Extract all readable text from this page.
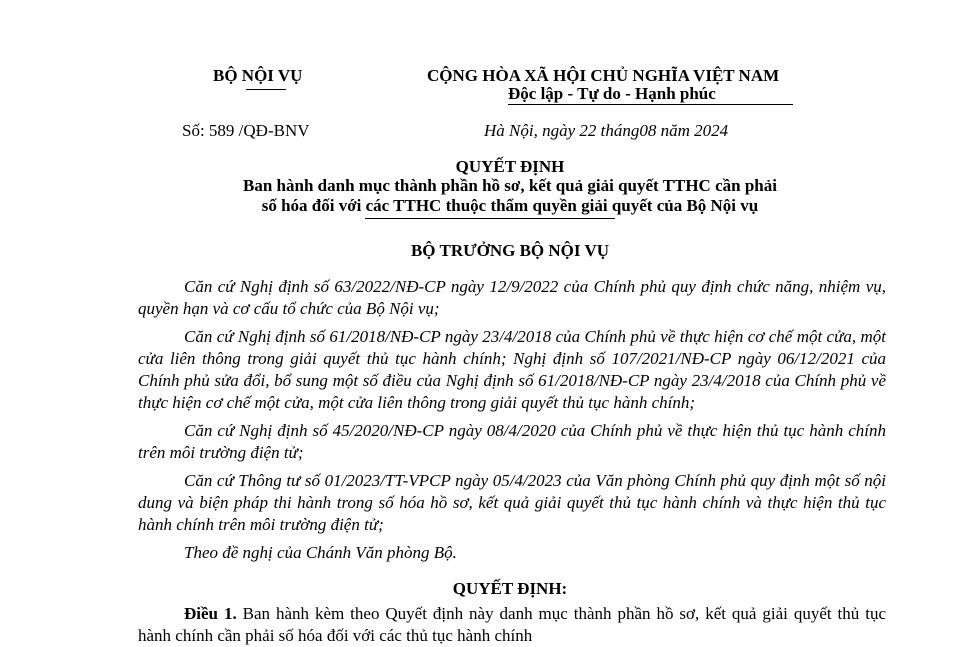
BỘ NỘI VỤ	CỘNG HÒA XÃ HỘI CHỦ NGHĨA VIỆT NAM
Độc lập - Tự do - Hạnh phúc
Số: 589 /QĐ-BNV	Hà Nội, ngày 22 tháng08 năm 2024
QUYẾT ĐỊNH
Ban hành danh mục thành phần hồ sơ, kết quả giải quyết TTHC cần phải
số hóa đối với các TTHC thuộc thẩm quyền giải quyết của Bộ Nội vụ
BỘ TRƯỞNG BỘ NỘI VỤ

Căn cứ Nghị định số 63/2022/NĐ-CP ngày 12/9/2022 của Chính phủ quy định chức năng, nhiệm vụ, quyền hạn và cơ cấu tổ chức của Bộ Nội vụ;

Căn cứ Nghị định số 61/2018/NĐ-CP ngày 23/4/2018 của Chính phủ về thực hiện cơ chế một cửa, một cửa liên thông trong giải quyết thủ tục hành chính; Nghị định số 107/2021/NĐ-CP ngày 06/12/2021 của Chính phủ sửa đổi, bổ sung một số điều của Nghị định số 61/2018/NĐ-CP ngày 23/4/2018 của Chính phủ về thực hiện cơ chế một cửa, một cửa liên thông trong giải quyết thủ tục hành chính;

Căn cứ Nghị định số 45/2020/NĐ-CP ngày 08/4/2020 của Chính phủ về thực hiện thủ tục hành chính trên môi trường điện tử;

Căn cứ Thông tư số 01/2023/TT-VPCP ngày 05/4/2023 của Văn phòng Chính phủ quy định một số nội dung và biện pháp thi hành trong số hóa hồ sơ, kết quả giải quyết thủ tục hành chính và thực hiện thủ tục hành chính trên môi trường điện tử;

Theo đề nghị của Chánh Văn phòng Bộ.

QUYẾT ĐỊNH:
Điều 1. Ban hành kèm theo Quyết định này danh mục thành phần hồ sơ, kết quả giải quyết thủ tục hành chính cần phải số hóa đối với các thủ tục hành chính
